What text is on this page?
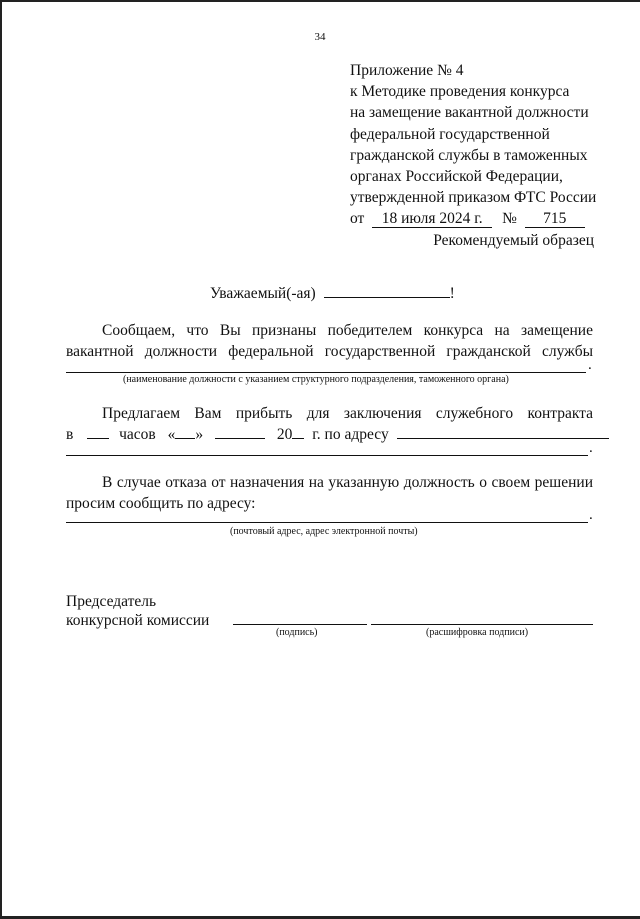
34
Приложение № 4
к Методике проведения конкурса
на замещение вакантной должности
федеральной государственной
гражданской службы в таможенных
органах Российской Федерации,
утвержденной приказом ФТС России
от 18 июля 2024 г. № 715
Рекомендуемый образец
Уважаемый(-ая)	!
Сообщаем, что Вы признаны победителем конкурса на замещение
вакантной должности федеральной государственной гражданской службы
.
(наименование должности с указанием структурного подразделения, таможенного органа)
Предлагаем Вам прибыть для заключения служебного контракта
в	часов « »	20 г. по адресу
.
В случае отказа от назначения на указанную должность о своем решении
просим сообщить по адресу:
.
(почтовый адрес, адрес электронной почты)
Председатель
конкурсной комиссии
(подпись)	(расшифровка подписи)
